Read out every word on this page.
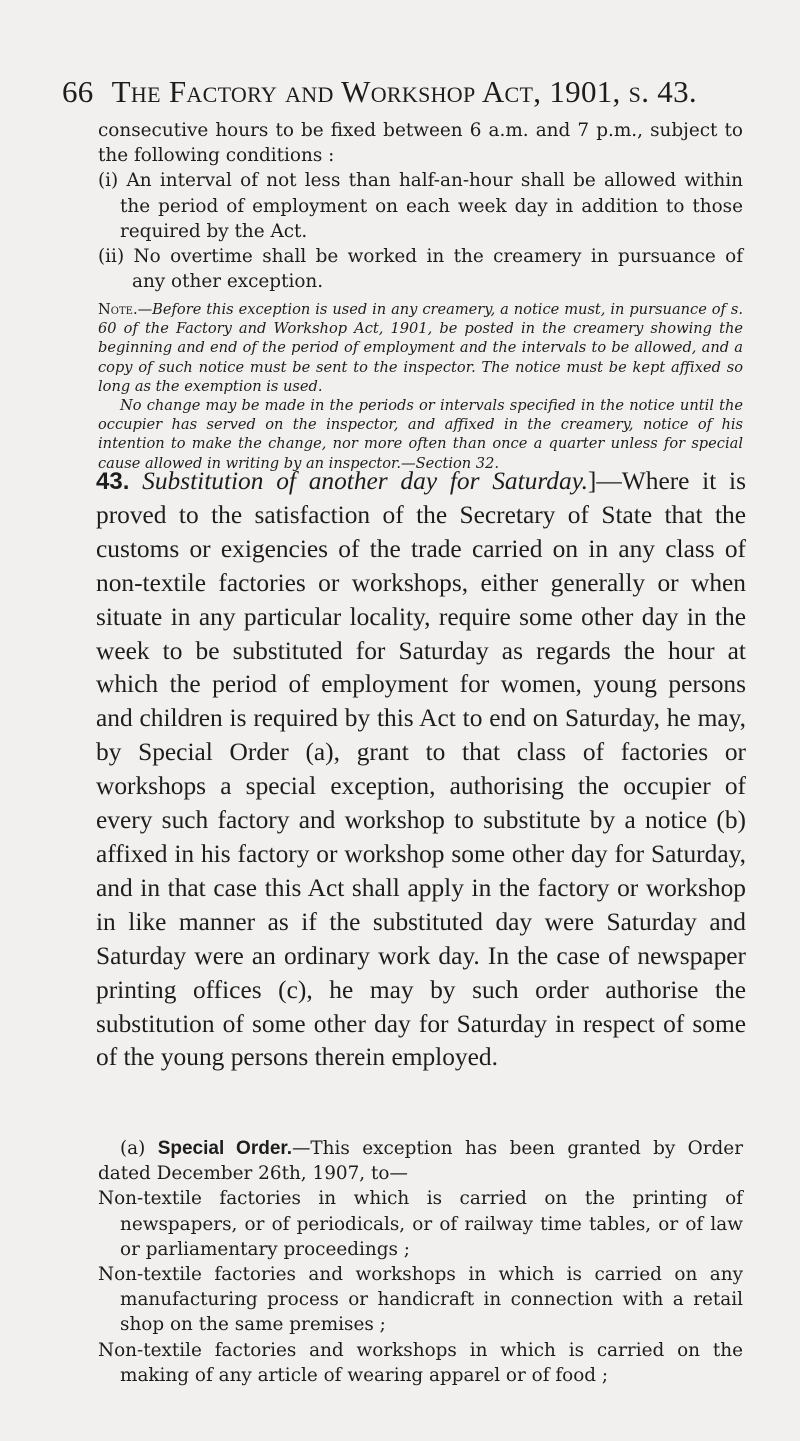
66 The Factory and Workshop Act, 1901, s. 43.

consecutive hours to be fixed between 6 a.m. and 7 p.m., subject to the following conditions :

(i) An interval of not less than half-an-hour shall be allowed within the period of employment on each week day in addition to those required by the Act.

(ii) No overtime shall be worked in the creamery in pursuance of any other exception.

Note.—Before this exception is used in any creamery, a notice must, in pursuance of s. 60 of the Factory and Workshop Act, 1901, be posted in the creamery showing the beginning and end of the period of employment and the intervals to be allowed, and a copy of such notice must be sent to the inspector. The notice must be kept affixed so long as the exemption is used.

No change may be made in the periods or intervals specified in the notice until the occupier has served on the inspector, and affixed in the creamery, notice of his intention to make the change, nor more often than once a quarter unless for special cause allowed in writing by an inspector.—Section 32.

43. Substitution of another day for Saturday.]—Where it is proved to the satisfaction of the Secretary of State that the customs or exigencies of the trade carried on in any class of non-textile factories or workshops, either generally or when situate in any particular locality, require some other day in the week to be substituted for Saturday as regards the hour at which the period of employment for women, young persons and children is required by this Act to end on Saturday, he may, by Special Order (a), grant to that class of factories or workshops a special exception, authorising the occupier of every such factory and workshop to substitute by a notice (b) affixed in his factory or workshop some other day for Saturday, and in that case this Act shall apply in the factory or workshop in like manner as if the substituted day were Saturday and Saturday were an ordinary work day. In the case of newspaper printing offices (c), he may by such order authorise the substitution of some other day for Saturday in respect of some of the young persons therein employed.

(a) Special Order.—This exception has been granted by Order dated December 26th, 1907, to—

Non-textile factories in which is carried on the printing of newspapers, or of periodicals, or of railway time tables, or of law or parliamentary proceedings ;

Non-textile factories and workshops in which is carried on any manufacturing process or handicraft in connection with a retail shop on the same premises ;

Non-textile factories and workshops in which is carried on the making of any article of wearing apparel or of food ;
